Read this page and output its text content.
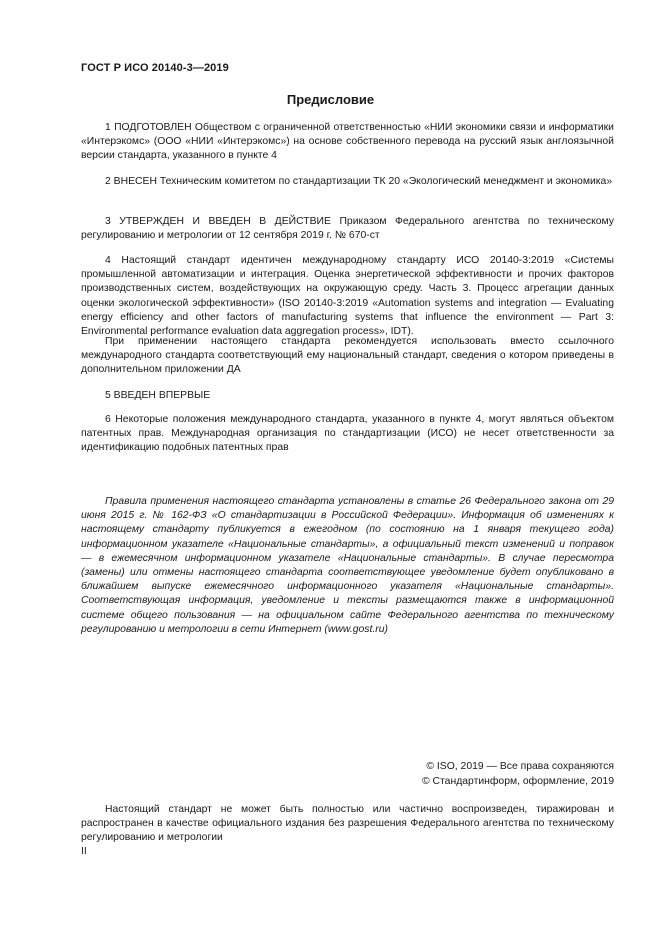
ГОСТ Р ИСО 20140-3—2019
Предисловие

1 ПОДГОТОВЛЕН Обществом с ограниченной ответственностью «НИИ экономики связи и информатики «Интерэкомс» (ООО «НИИ «Интерэкомс») на основе собственного перевода на русский язык англоязычной версии стандарта, указанного в пункте 4

2 ВНЕСЕН Техническим комитетом по стандартизации ТК 20 «Экологический менеджмент и экономика»

3 УТВЕРЖДЕН И ВВЕДЕН В ДЕЙСТВИЕ Приказом Федерального агентства по техническому регулированию и метрологии от 12 сентября 2019 г. № 670-ст

4 Настоящий стандарт идентичен международному стандарту ИСО 20140-3:2019 «Системы промышленной автоматизации и интеграция. Оценка энергетической эффективности и прочих факторов производственных систем, воздействующих на окружающую среду. Часть 3. Процесс агрегации данных оценки экологической эффективности» (ISO 20140-3:2019 «Automation systems and integration — Evaluating energy efficiency and other factors of manufacturing systems that influence the environment — Part 3: Environmental performance evaluation data aggregation process», IDT).

При применении настоящего стандарта рекомендуется использовать вместо ссылочного международного стандарта соответствующий ему национальный стандарт, сведения о котором приведены в дополнительном приложении ДА

5 ВВЕДЕН ВПЕРВЫЕ

6 Некоторые положения международного стандарта, указанного в пункте 4, могут являться объектом патентных прав. Международная организация по стандартизации (ИСО) не несет ответственности за идентификацию подобных патентных прав

Правила применения настоящего стандарта установлены в статье 26 Федерального закона от 29 июня 2015 г. № 162-ФЗ «О стандартизации в Российской Федерации». Информация об изменениях к настоящему стандарту публикуется в ежегодном (по состоянию на 1 января текущего года) информационном указателе «Национальные стандарты», а официальный текст изменений и поправок — в ежемесячном информационном указателе «Национальные стандарты». В случае пересмотра (замены) или отмены настоящего стандарта соответствующее уведомление будет опубликовано в ближайшем выпуске ежемесячного информационного указателя «Национальные стандарты». Соответствующая информация, уведомление и тексты размещаются также в информационной системе общего пользования — на официальном сайте Федерального агентства по техническому регулированию и метрологии в сети Интернет (www.gost.ru)

© ISO, 2019 — Все права сохраняются
© Стандартинформ, оформление, 2019

Настоящий стандарт не может быть полностью или частично воспроизведен, тиражирован и распространен в качестве официального издания без разрешения Федерального агентства по техническому регулированию и метрологии

II
